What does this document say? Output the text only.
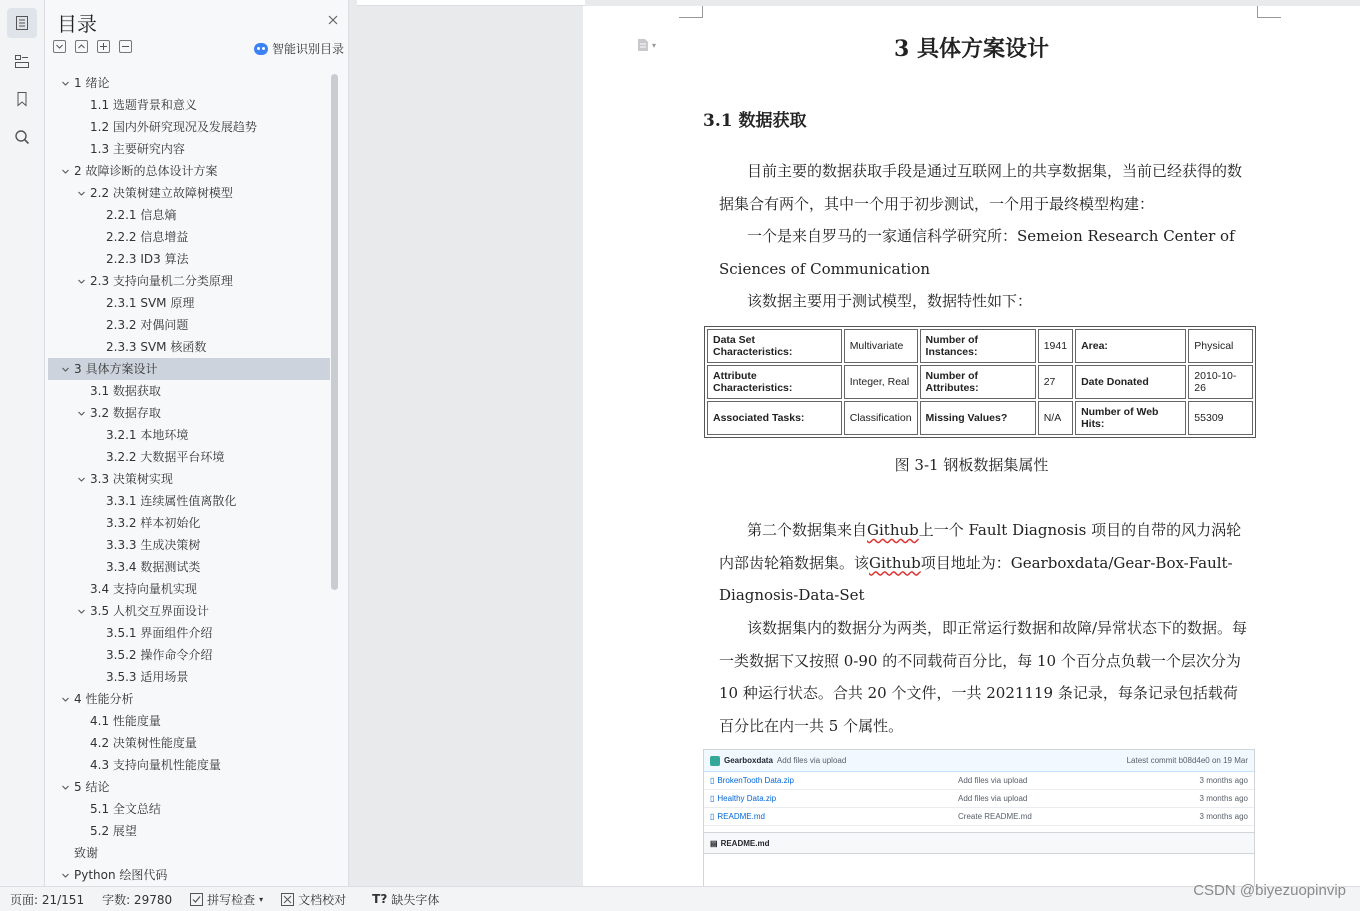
目录
智能识别目录
1 绪论
1.1 选题背景和意义
1.2 国内外研究现况及发展趋势
1.3 主要研究内容
2 故障诊断的总体设计方案
2.2 决策树建立故障树模型
2.2.1 信息熵
2.2.2 信息增益
2.2.3 ID3 算法
2.3 支持向量机二分类原理
2.3.1 SVM 原理
2.3.2 对偶问题
2.3.3 SVM 核函数
3 具体方案设计
3.1 数据获取
3.2 数据存取
3.2.1 本地环境
3.2.2 大数据平台环境
3.3 决策树实现
3.3.1 连续属性值离散化
3.3.2 样本初始化
3.3.3 生成决策树
3.3.4 数据测试类
3.4 支持向量机实现
3.5 人机交互界面设计
3.5.1 界面组件介绍
3.5.2 操作命令介绍
3.5.3 适用场景
4 性能分析
4.1 性能度量
4.2 决策树性能度量
4.3 支持向量机性能度量
5 结论
5.1 全文总结
5.2 展望
致谢
Python 绘图代码
▾	3 具体方案设计
3.1 数据获取
目前主要的数据获取手段是通过互联网上的共享数据集，当前已经获得的数据集合有两个，其中一个用于初步测试，一个用于最终模型构建：
一个是来自罗马的一家通信科学研究所：Semeion Research Center of Sciences of Communication
该数据主要用于测试模型，数据特性如下：
Data Set Characteristics:	Multivariate	Number of Instances:	1941	Area:	Physical
Attribute Characteristics:	Integer, Real	Number of Attributes:	27	Date Donated	2010-10-26
Associated Tasks:	Classification	Missing Values?	N/A	Number of Web Hits:	55309
图 3-1 钢板数据集属性
第二个数据集来自Github上一个 Fault Diagnosis 项目的自带的风力涡轮内部齿轮箱数据集。该Github项目地址为：Gearboxdata/Gear-Box-Fault-Diagnosis-Data-Set
该数据集内的数据分为两类，即正常运行数据和故障/异常状态下的数据。每一类数据下又按照 0-90 的不同载荷百分比，每 10 个百分点负载一个层次分为 10 种运行状态。合共 20 个文件，一共 2021119 条记录，每条记录包括载荷百分比在内一共 5 个属性。
Gearboxdata Add files via upload	Latest commit b08d4e0 on 19 Mar
▯ BrokenTooth Data.zip	Add files via upload	3 months ago
▯ Healthy Data.zip	Add files via upload	3 months ago
▯ README.md	Create README.md	3 months ago
▤ README.md
页面: 21/151 字数: 29780	拼写检查 ▾	文档校对 T? 缺失字体
CSDN @biyezuopinvip
